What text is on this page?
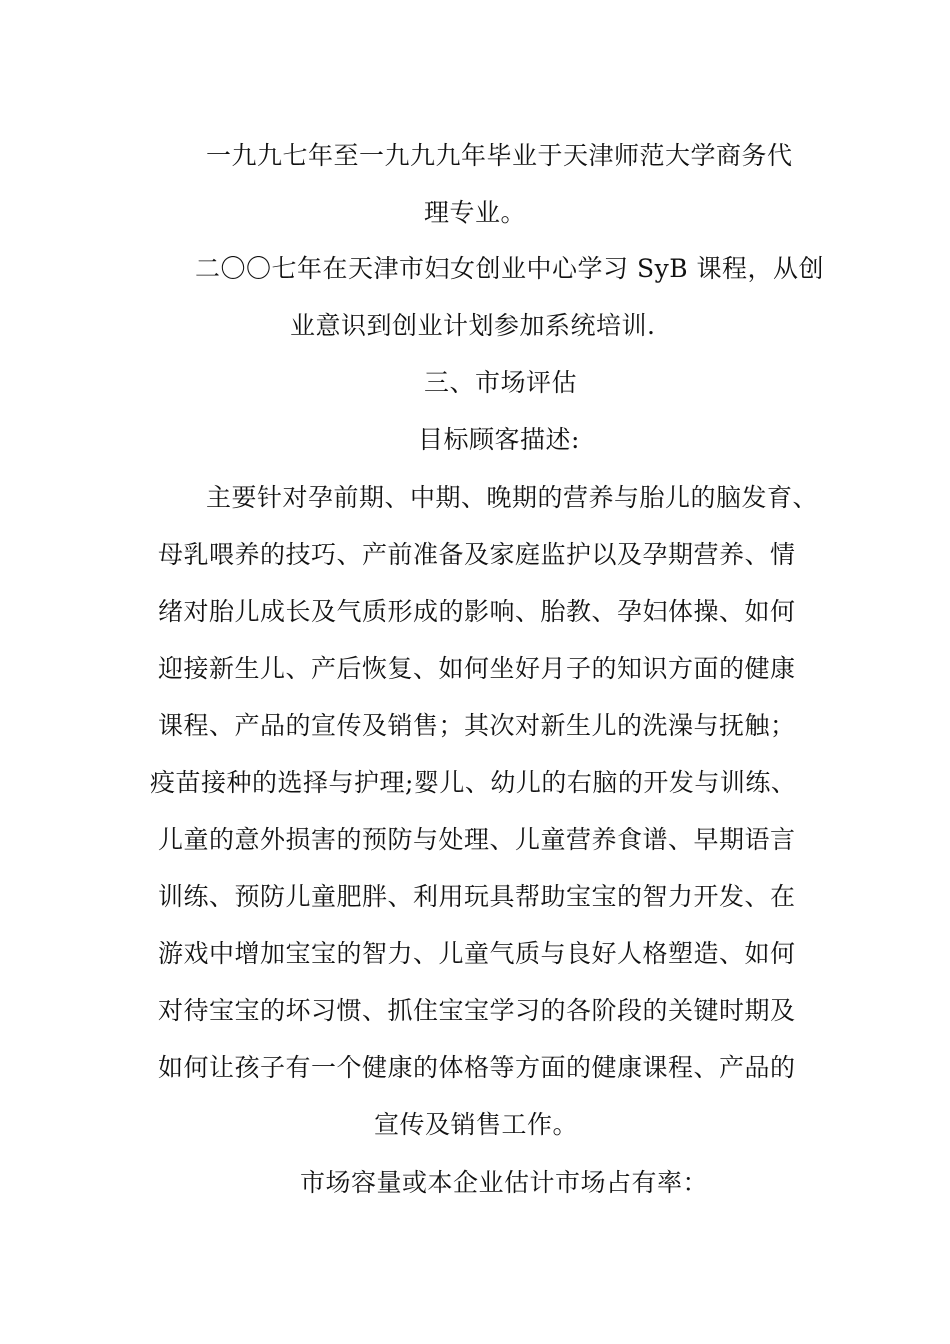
一九九七年至一九九九年毕业于天津师范大学商务代
理专业。
二〇〇七年在天津市妇女创业中心学习 SyB 课程，从创
业意识到创业计划参加系统培训.
三、市场评估
目标顾客描述:
主要针对孕前期、中期、晚期的营养与胎儿的脑发育、
母乳喂养的技巧、产前准备及家庭监护以及孕期营养、情
绪对胎儿成长及气质形成的影响、胎教、孕妇体操、如何
迎接新生儿、产后恢复、如何坐好月子的知识方面的健康
课程、产品的宣传及销售；其次对新生儿的洗澡与抚触；
疫苗接种的选择与护理;婴儿、幼儿的右脑的开发与训练、
儿童的意外损害的预防与处理、儿童营养食谱、早期语言
训练、预防儿童肥胖、利用玩具帮助宝宝的智力开发、在
游戏中增加宝宝的智力、儿童气质与良好人格塑造、如何
对待宝宝的坏习惯、抓住宝宝学习的各阶段的关键时期及
如何让孩子有一个健康的体格等方面的健康课程、产品的
宣传及销售工作。
市场容量或本企业估计市场占有率：
